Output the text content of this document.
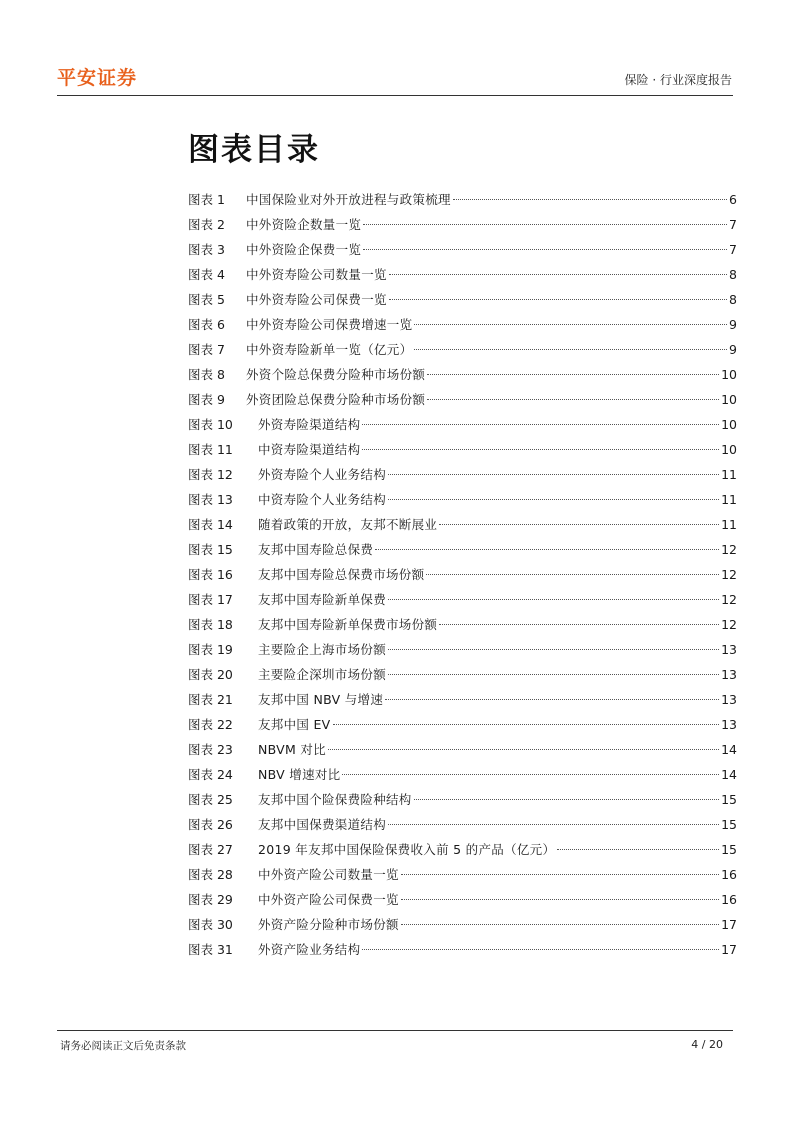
平安证券	保险 · 行业深度报告
图表目录
图表 1	中国保险业对外开放进程与政策梳理	6
图表 2	中外资险企数量一览	7
图表 3	中外资险企保费一览	7
图表 4	中外资寿险公司数量一览	8
图表 5	中外资寿险公司保费一览	8
图表 6	中外资寿险公司保费增速一览	9
图表 7	中外资寿险新单一览（亿元）	9
图表 8	外资个险总保费分险种市场份额	10
图表 9	外资团险总保费分险种市场份额	10
图表 10	外资寿险渠道结构	10
图表 11	中资寿险渠道结构	10
图表 12	外资寿险个人业务结构	11
图表 13	中资寿险个人业务结构	11
图表 14	随着政策的开放，友邦不断展业	11
图表 15	友邦中国寿险总保费	12
图表 16	友邦中国寿险总保费市场份额	12
图表 17	友邦中国寿险新单保费	12
图表 18	友邦中国寿险新单保费市场份额	12
图表 19	主要险企上海市场份额	13
图表 20	主要险企深圳市场份额	13
图表 21	友邦中国 NBV 与增速	13
图表 22	友邦中国 EV	13
图表 23	NBVM 对比	14
图表 24	NBV 增速对比	14
图表 25	友邦中国个险保费险种结构	15
图表 26	友邦中国保费渠道结构	15
图表 27	2019 年友邦中国保险保费收入前 5 的产品（亿元）	15
图表 28	中外资产险公司数量一览	16
图表 29	中外资产险公司保费一览	16
图表 30	外资产险分险种市场份额	17
图表 31	外资产险业务结构	17
请务必阅读正文后免责条款	4 / 20
